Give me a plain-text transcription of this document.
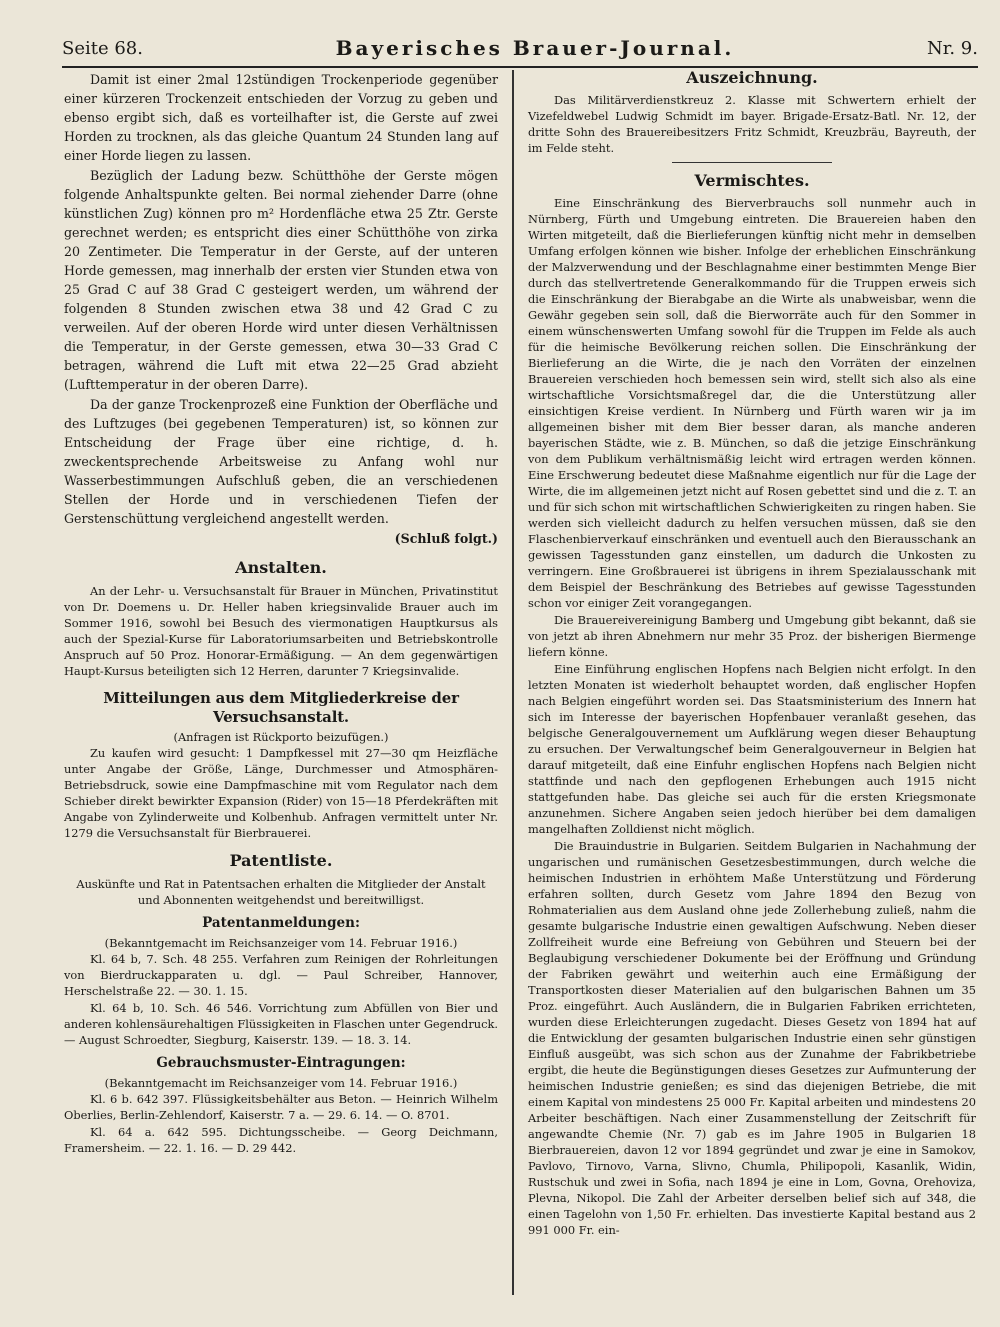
Seite 68.	Bayerisches Brauer-Journal.	Nr. 9.

Damit ist einer 2mal 12stündigen Trockenperiode gegenüber einer kürzeren Trockenzeit entschieden der Vorzug zu geben und ebenso ergibt sich, daß es vorteilhafter ist, die Gerste auf zwei Horden zu trocknen, als das gleiche Quantum 24 Stunden lang auf einer Horde liegen zu lassen.

Bezüglich der Ladung bezw. Schütthöhe der Gerste mögen folgende Anhaltspunkte gelten. Bei normal ziehender Darre (ohne künstlichen Zug) können pro m² Hordenfläche etwa 25 Ztr. Gerste gerechnet werden; es entspricht dies einer Schütthöhe von zirka 20 Zentimeter. Die Temperatur in der Gerste, auf der unteren Horde gemessen, mag innerhalb der ersten vier Stunden etwa von 25 Grad C auf 38 Grad C gesteigert werden, um während der folgenden 8 Stunden zwischen etwa 38 und 42 Grad C zu verweilen. Auf der oberen Horde wird unter diesen Verhältnissen die Temperatur, in der Gerste gemessen, etwa 30—33 Grad C betragen, während die Luft mit etwa 22—25 Grad abzieht (Lufttemperatur in der oberen Darre).

Da der ganze Trockenprozeß eine Funktion der Oberfläche und des Luftzuges (bei gegebenen Temperaturen) ist, so können zur Entscheidung der Frage über eine richtige, d. h. zweckentsprechende Arbeitsweise zu Anfang wohl nur Wasserbestimmungen Aufschluß geben, die an verschiedenen Stellen der Horde und in verschiedenen Tiefen der Gerstenschüttung vergleichend angestellt werden.

(Schluß folgt.)
Anstalten.

An der Lehr- u. Versuchsanstalt für Brauer in München, Privatinstitut von Dr. Doemens u. Dr. Heller haben kriegsinvalide Brauer auch im Sommer 1916, sowohl bei Besuch des viermonatigen Hauptkursus als auch der Spezial-Kurse für Laboratoriumsarbeiten und Betriebskontrolle Anspruch auf 50 Proz. Honorar-Ermäßigung. — An dem gegenwärtigen Haupt-Kursus beteiligten sich 12 Herren, darunter 7 Kriegsinvalide.

Mitteilungen aus dem Mitgliederkreise der Versuchsanstalt.
(Anfragen ist Rückporto beizufügen.)

Zu kaufen wird gesucht: 1 Dampfkessel mit 27—30 qm Heizfläche unter Angabe der Größe, Länge, Durchmesser und Atmosphären-Betriebsdruck, sowie eine Dampfmaschine mit vom Regulator nach dem Schieber direkt bewirkter Expansion (Rider) von 15—18 Pferdekräften mit Angabe von Zylinderweite und Kolbenhub. Anfragen vermittelt unter Nr. 1279 die Versuchsanstalt für Bierbrauerei.

Patentliste.
Auskünfte und Rat in Patentsachen erhalten die Mitglieder der Anstalt und Abonnenten weitgehendst und bereitwilligst.
Patentanmeldungen:
(Bekanntgemacht im Reichsanzeiger vom 14. Februar 1916.)

Kl. 64 b, 7. Sch. 48 255. Verfahren zum Reinigen der Rohrleitungen von Bierdruckapparaten u. dgl. — Paul Schreiber, Hannover, Herschelstraße 22. — 30. 1. 15.

Kl. 64 b, 10. Sch. 46 546. Vorrichtung zum Abfüllen von Bier und anderen kohlensäurehaltigen Flüssigkeiten in Flaschen unter Gegendruck. — August Schroedter, Siegburg, Kaiserstr. 139. — 18. 3. 14.

Gebrauchsmuster-Eintragungen:
(Bekanntgemacht im Reichsanzeiger vom 14. Februar 1916.)

Kl. 6 b. 642 397. Flüssigkeitsbehälter aus Beton. — Heinrich Wilhelm Oberlies, Berlin-Zehlendorf, Kaiserstr. 7 a. — 29. 6. 14. — O. 8701.

Kl. 64 a. 642 595. Dichtungsscheibe. — Georg Deichmann, Framersheim. — 22. 1. 16. — D. 29 442.

Auszeichnung.

Das Militärverdienstkreuz 2. Klasse mit Schwertern erhielt der Vizefeldwebel Ludwig Schmidt im bayer. Brigade-Ersatz-Batl. Nr. 12, der dritte Sohn des Brauereibesitzers Fritz Schmidt, Kreuzbräu, Bayreuth, der im Felde steht.

Vermischtes.

Eine Einschränkung des Bierverbrauchs soll nunmehr auch in Nürnberg, Fürth und Umgebung eintreten. Die Brauereien haben den Wirten mitgeteilt, daß die Bierlieferungen künftig nicht mehr in demselben Umfang erfolgen können wie bisher. Infolge der erheblichen Einschränkung der Malzverwendung und der Beschlagnahme einer bestimmten Menge Bier durch das stellvertretende Generalkommando für die Truppen erweis sich die Einschränkung der Bierabgabe an die Wirte als unabweisbar, wenn die Gewähr gegeben sein soll, daß die Bierworräte auch für den Sommer in einem wünschenswerten Umfang sowohl für die Truppen im Felde als auch für die heimische Bevölkerung reichen sollen. Die Einschränkung der Bierlieferung an die Wirte, die je nach den Vorräten der einzelnen Brauereien verschieden hoch bemessen sein wird, stellt sich also als eine wirtschaftliche Vorsichtsmaßregel dar, die die Unterstützung aller einsichtigen Kreise verdient. In Nürnberg und Fürth waren wir ja im allgemeinen bisher mit dem Bier besser daran, als manche anderen bayerischen Städte, wie z. B. München, so daß die jetzige Einschränkung von dem Publikum verhältnismäßig leicht wird ertragen werden können. Eine Erschwerung bedeutet diese Maßnahme eigentlich nur für die Lage der Wirte, die im allgemeinen jetzt nicht auf Rosen gebettet sind und die z. T. an und für sich schon mit wirtschaftlichen Schwierigkeiten zu ringen haben. Sie werden sich vielleicht dadurch zu helfen versuchen müssen, daß sie den Flaschenbierverkauf einschränken und eventuell auch den Bierausschank an gewissen Tagesstunden ganz einstellen, um dadurch die Unkosten zu verringern. Eine Großbrauerei ist übrigens in ihrem Spezialausschank mit dem Beispiel der Beschränkung des Betriebes auf gewisse Tagesstunden schon vor einiger Zeit vorangegangen.

Die Brauereivereinigung Bamberg und Umgebung gibt bekannt, daß sie von jetzt ab ihren Abnehmern nur mehr 35 Proz. der bisherigen Biermenge liefern könne.

Eine Einführung englischen Hopfens nach Belgien nicht erfolgt. In den letzten Monaten ist wiederholt behauptet worden, daß englischer Hopfen nach Belgien eingeführt worden sei. Das Staatsministerium des Innern hat sich im Interesse der bayerischen Hopfenbauer veranlaßt gesehen, das belgische Generalgouvernement um Aufklärung wegen dieser Behauptung zu ersuchen. Der Verwaltungschef beim Generalgouverneur in Belgien hat darauf mitgeteilt, daß eine Einfuhr englischen Hopfens nach Belgien nicht stattfinde und nach den gepflogenen Erhebungen auch 1915 nicht stattgefunden habe. Das gleiche sei auch für die ersten Kriegsmonate anzunehmen. Sichere Angaben seien jedoch hierüber bei dem damaligen mangelhaften Zolldienst nicht möglich.

Die Brauindustrie in Bulgarien. Seitdem Bulgarien in Nachahmung der ungarischen und rumänischen Gesetzesbestimmungen, durch welche die heimischen Industrien in erhöhtem Maße Unterstützung und Förderung erfahren sollten, durch Gesetz vom Jahre 1894 den Bezug von Rohmaterialien aus dem Ausland ohne jede Zollerhebung zuließ, nahm die gesamte bulgarische Industrie einen gewaltigen Aufschwung. Neben dieser Zollfreiheit wurde eine Befreiung von Gebühren und Steuern bei der Beglaubigung verschiedener Dokumente bei der Eröffnung und Gründung der Fabriken gewährt und weiterhin auch eine Ermäßigung der Transportkosten dieser Materialien auf den bulgarischen Bahnen um 35 Proz. eingeführt. Auch Ausländern, die in Bulgarien Fabriken errichteten, wurden diese Erleichterungen zugedacht. Dieses Gesetz von 1894 hat auf die Entwicklung der gesamten bulgarischen Industrie einen sehr günstigen Einfluß ausgeübt, was sich schon aus der Zunahme der Fabrikbetriebe ergibt, die heute die Begünstigungen dieses Gesetzes zur Aufmunterung der heimischen Industrie genießen; es sind das diejenigen Betriebe, die mit einem Kapital von mindestens 25 000 Fr. Kapital arbeiten und mindestens 20 Arbeiter beschäftigen. Nach einer Zusammenstellung der Zeitschrift für angewandte Chemie (Nr. 7) gab es im Jahre 1905 in Bulgarien 18 Bierbrauereien, davon 12 vor 1894 gegründet und zwar je eine in Samokov, Pavlovo, Tirnovo, Varna, Slivno, Chumla, Philipopoli, Kasanlik, Widin, Rustschuk und zwei in Sofia, nach 1894 je eine in Lom, Govna, Orehoviza, Plevna, Nikopol. Die Zahl der Arbeiter derselben belief sich auf 348, die einen Tagelohn von 1,50 Fr. erhielten. Das investierte Kapital bestand aus 2 991 000 Fr. ein-
